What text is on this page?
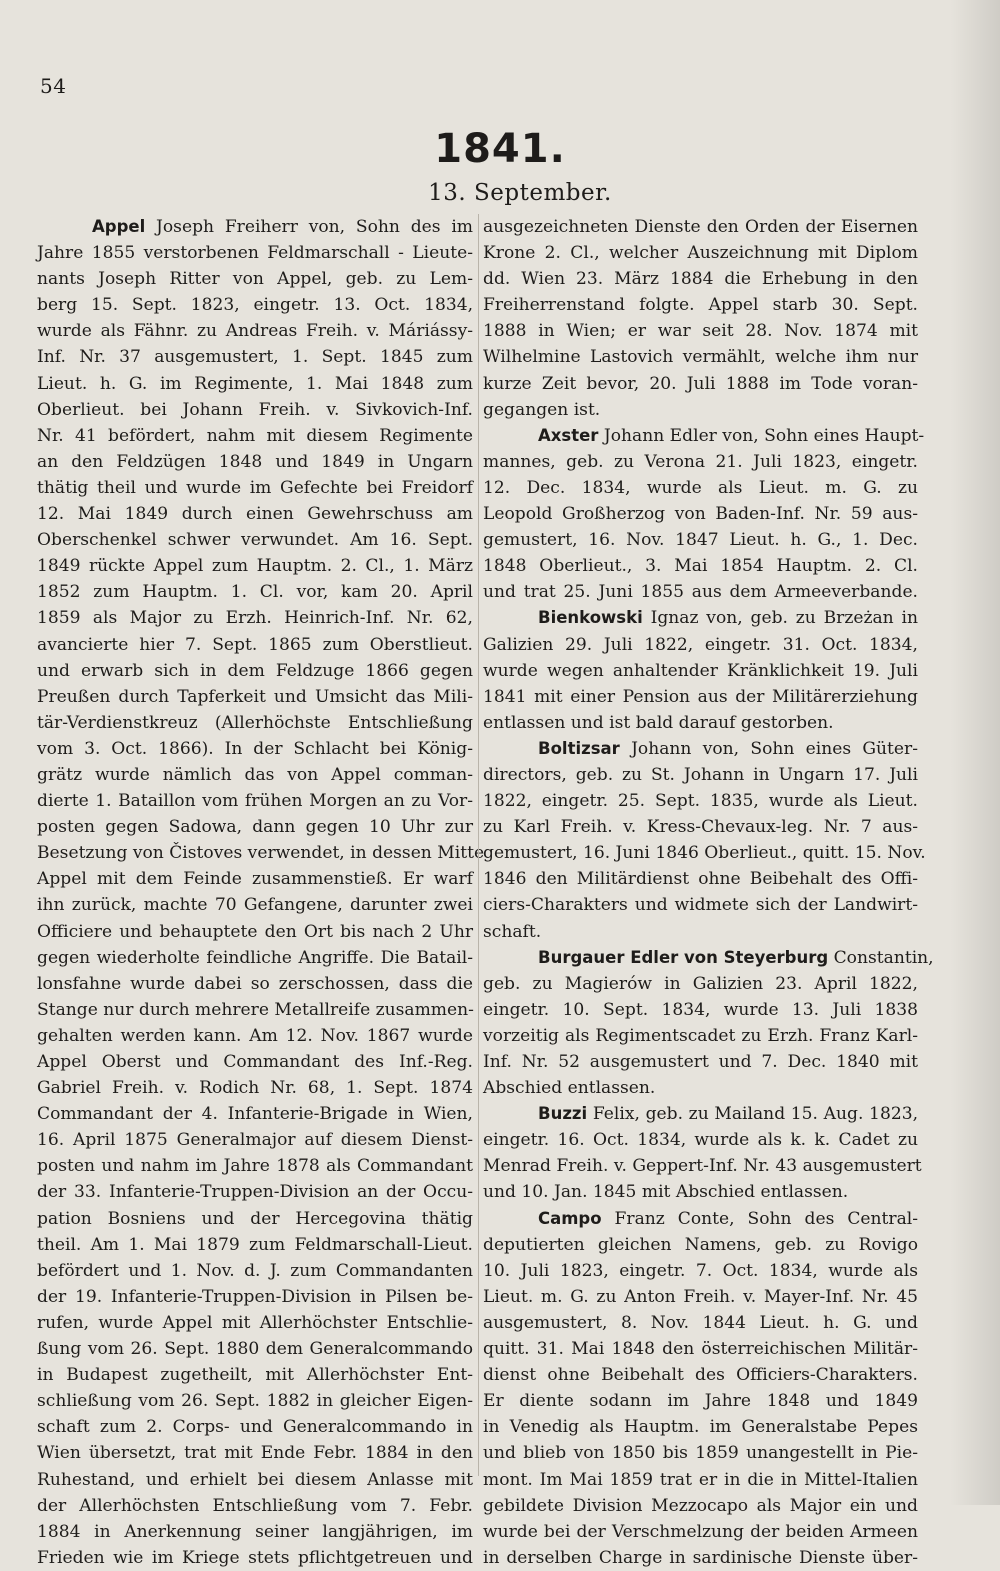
54
1841.
13. September.
Appel Joseph Freiherr von, Sohn des im
Jahre 1855 verstorbenen Feldmarschall - Lieute-
nants Joseph Ritter von Appel, geb. zu Lem-
berg 15. Sept. 1823, eingetr. 13. Oct. 1834,
wurde als Fähnr. zu Andreas Freih. v. Máriássy-
Inf. Nr. 37 ausgemustert, 1. Sept. 1845 zum
Lieut. h. G. im Regimente, 1. Mai 1848 zum
Oberlieut. bei Johann Freih. v. Sivkovich-Inf.
Nr. 41 befördert, nahm mit diesem Regimente
an den Feldzügen 1848 und 1849 in Ungarn
thätig theil und wurde im Gefechte bei Freidorf
12. Mai 1849 durch einen Gewehrschuss am
Oberschenkel schwer verwundet. Am 16. Sept.
1849 rückte Appel zum Hauptm. 2. Cl., 1. März
1852 zum Hauptm. 1. Cl. vor, kam 20. April
1859 als Major zu Erzh. Heinrich-Inf. Nr. 62,
avancierte hier 7. Sept. 1865 zum Oberstlieut.
und erwarb sich in dem Feldzuge 1866 gegen
Preußen durch Tapferkeit und Umsicht das Mili-
tär-Verdienstkreuz (Allerhöchste Entschließung
vom 3. Oct. 1866). In der Schlacht bei König-
grätz wurde nämlich das von Appel comman-
dierte 1. Bataillon vom frühen Morgen an zu Vor-
posten gegen Sadowa, dann gegen 10 Uhr zur
Besetzung von Čistoves verwendet, in dessen Mitte
Appel mit dem Feinde zusammenstieß. Er warf
ihn zurück, machte 70 Gefangene, darunter zwei
Officiere und behauptete den Ort bis nach 2 Uhr
gegen wiederholte feindliche Angriffe. Die Batail-
lonsfahne wurde dabei so zerschossen, dass die
Stange nur durch mehrere Metallreife zusammen-
gehalten werden kann. Am 12. Nov. 1867 wurde
Appel Oberst und Commandant des Inf.-Reg.
Gabriel Freih. v. Rodich Nr. 68, 1. Sept. 1874
Commandant der 4. Infanterie-Brigade in Wien,
16. April 1875 Generalmajor auf diesem Dienst-
posten und nahm im Jahre 1878 als Commandant
der 33. Infanterie-Truppen-Division an der Occu-
pation Bosniens und der Hercegovina thätig
theil. Am 1. Mai 1879 zum Feldmarschall-Lieut.
befördert und 1. Nov. d. J. zum Commandanten
der 19. Infanterie-Truppen-Division in Pilsen be-
rufen, wurde Appel mit Allerhöchster Entschlie-
ßung vom 26. Sept. 1880 dem Generalcommando
in Budapest zugetheilt, mit Allerhöchster Ent-
schließung vom 26. Sept. 1882 in gleicher Eigen-
schaft zum 2. Corps- und Generalcommando in
Wien übersetzt, trat mit Ende Febr. 1884 in den
Ruhestand, und erhielt bei diesem Anlasse mit
der Allerhöchsten Entschließung vom 7. Febr.
1884 in Anerkennung seiner langjährigen, im
Frieden wie im Kriege stets pflichtgetreuen und
ausgezeichneten Dienste den Orden der Eisernen
Krone 2. Cl., welcher Auszeichnung mit Diplom
dd. Wien 23. März 1884 die Erhebung in den
Freiherrenstand folgte. Appel starb 30. Sept.
1888 in Wien; er war seit 28. Nov. 1874 mit
Wilhelmine Lastovich vermählt, welche ihm nur
kurze Zeit bevor, 20. Juli 1888 im Tode voran-
gegangen ist.
Axster Johann Edler von, Sohn eines Haupt-
mannes, geb. zu Verona 21. Juli 1823, eingetr.
12. Dec. 1834, wurde als Lieut. m. G. zu
Leopold Großherzog von Baden-Inf. Nr. 59 aus-
gemustert, 16. Nov. 1847 Lieut. h. G., 1. Dec.
1848 Oberlieut., 3. Mai 1854 Hauptm. 2. Cl.
und trat 25. Juni 1855 aus dem Armeeverbande.
Bienkowski Ignaz von, geb. zu Brzeżan in
Galizien 29. Juli 1822, eingetr. 31. Oct. 1834,
wurde wegen anhaltender Kränklichkeit 19. Juli
1841 mit einer Pension aus der Militärerziehung
entlassen und ist bald darauf gestorben.
Boltizsar Johann von, Sohn eines Güter-
directors, geb. zu St. Johann in Ungarn 17. Juli
1822, eingetr. 25. Sept. 1835, wurde als Lieut.
zu Karl Freih. v. Kress-Chevaux-leg. Nr. 7 aus-
gemustert, 16. Juni 1846 Oberlieut., quitt. 15. Nov.
1846 den Militärdienst ohne Beibehalt des Offi-
ciers-Charakters und widmete sich der Landwirt-
schaft.
Burgauer Edler von Steyerburg Constantin,
geb. zu Magierów in Galizien 23. April 1822,
eingetr. 10. Sept. 1834, wurde 13. Juli 1838
vorzeitig als Regimentscadet zu Erzh. Franz Karl-
Inf. Nr. 52 ausgemustert und 7. Dec. 1840 mit
Abschied entlassen.
Buzzi Felix, geb. zu Mailand 15. Aug. 1823,
eingetr. 16. Oct. 1834, wurde als k. k. Cadet zu
Menrad Freih. v. Geppert-Inf. Nr. 43 ausgemustert
und 10. Jan. 1845 mit Abschied entlassen.
Campo Franz Conte, Sohn des Central-
deputierten gleichen Namens, geb. zu Rovigo
10. Juli 1823, eingetr. 7. Oct. 1834, wurde als
Lieut. m. G. zu Anton Freih. v. Mayer-Inf. Nr. 45
ausgemustert, 8. Nov. 1844 Lieut. h. G. und
quitt. 31. Mai 1848 den österreichischen Militär-
dienst ohne Beibehalt des Officiers-Charakters.
Er diente sodann im Jahre 1848 und 1849
in Venedig als Hauptm. im Generalstabe Pepes
und blieb von 1850 bis 1859 unangestellt in Pie-
mont. Im Mai 1859 trat er in die in Mittel-Italien
gebildete Division Mezzocapo als Major ein und
wurde bei der Verschmelzung der beiden Armeen
in derselben Charge in sardinische Dienste über-
